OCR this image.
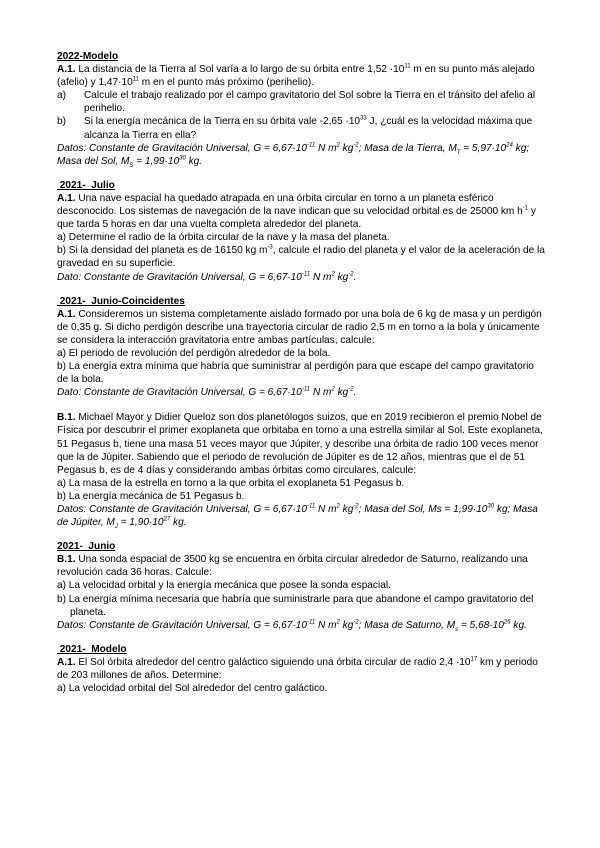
2022-Modelo

A.1. La distancia de la Tierra al Sol varía a lo largo de su órbita entre $1,52 \cdot 10^{11}$ m en su punto más alejado (afelio) y $1,47\cdot 10^{11}$ m en el punto más próximo (perihelio).

a) Calcule el trabajo realizado por el campo gravitatorio del Sol sobre la Tierra en el tránsito del afelio al perihelio.

b) Si la energía mecánica de la Tierra en su órbita vale $-2,65 \cdot 10^{33}$ J, ¿cuál es la velocidad máxima que alcanza la Tierra en ella?

Datos: Constante de Gravitación Universal, $G = 6,67\cdot 10^{-11}$ N $m^2$ $kg^{-2}$; Masa de la Tierra, $M_T = 5,97\cdot 10^{24}$ kg; Masa del Sol, $M_S = 1,99\cdot 10^{30}$ kg.

2021-  Julio

A.1. Una nave espacial ha quedado atrapada en una órbita circular en torno a un planeta esférico desconocido. Los sistemas de navegación de la nave indican que su velocidad orbital es de 25000 km $h^{-1}$ y que tarda 5 horas en dar una vuelta completa alrededor del planeta.

a) Determine el radio de la órbita circular de la nave y la masa del planeta.

b) Si la densidad del planeta es de 16150 kg $m^{-3}$, calcule el radio del planeta y el valor de la aceleración de la gravedad en su superficie.

Dato: Constante de Gravitación Universal, $G = 6,67\cdot 10^{-11}$ N $m^2$ $kg^{-2}$.

2021-  Junio-Coincidentes

A.1. Consideremos un sistema completamente aislado formado por una bola de 6 kg de masa y un perdigón de 0,35 g. Si dicho perdigón describe una trayectoria circular de radio 2,5 m en torno a la bola y únicamente se considera la interacción gravitatoria entre ambas partículas, calcule:

a) El periodo de revolución del perdigón alrededor de la bola.

b) La energía extra mínima que habría que suministrar al perdigón para que escape del campo gravitatorio de la bola.

Dato: Constante de Gravitación Universal, $G = 6,67\cdot 10^{-11}$ N $m^2$ $kg^{-2}$.

B.1. Michael Mayor y Didier Queloz son dos planetólogos suizos, que en 2019 recibieron el premio Nobel de Física por descubrir el primer exoplaneta que orbitaba en torno a una estrella similar al Sol. Este exoplaneta, 51 Pegasus b, tiene una masa 51 veces mayor que Júpiter, y describe una órbita de radio 100 veces menor que la de Júpiter. Sabiendo que el periodo de revolución de Júpiter es de 12 años, mientras que el de 51 Pegasus b, es de 4 días y considerando ambas órbitas como circulares, calcule:

a) La masa de la estrella en torno a la que orbita el exoplaneta 51 Pegasus b.

b) La energía mecánica de 51 Pegasus b.

Datos: Constante de Gravitación Universal, $G = 6,67\cdot 10^{-11}$ N $m^2$ $kg^{-2}$; Masa del Sol, $Ms = 1,99\cdot 10^{30}$ kg; Masa de Júpiter, $M_J = 1,90\cdot 10^{27}$ kg.

2021-  Junio

B.1. Una sonda espacial de 3500 kg se encuentra en órbita circular alrededor de Saturno, realizando una revolución cada 36 horas. Calcule:

a) La velocidad orbital y la energía mecánica que posee la sonda espacial.

b) La energía mínima necesaria que habría que suministrarle para que abandone el campo gravitatorio del planeta.

Datos: Constante de Gravitación Universal, $G = 6,67\cdot 10^{-11}$ N $m^2$ $kg^{-2}$; Masa de Saturno, $M_s = 5,68\cdot 10^{26}$ kg.

2021-  Modelo

A.1. El Sol órbita alrededor del centro galáctico siguiendo una órbita circular de radio $2,4 \cdot 10^{17}$ km y periodo de 203 millones de años. Determine:

a) La velocidad orbital del Sol alrededor del centro galáctico.
